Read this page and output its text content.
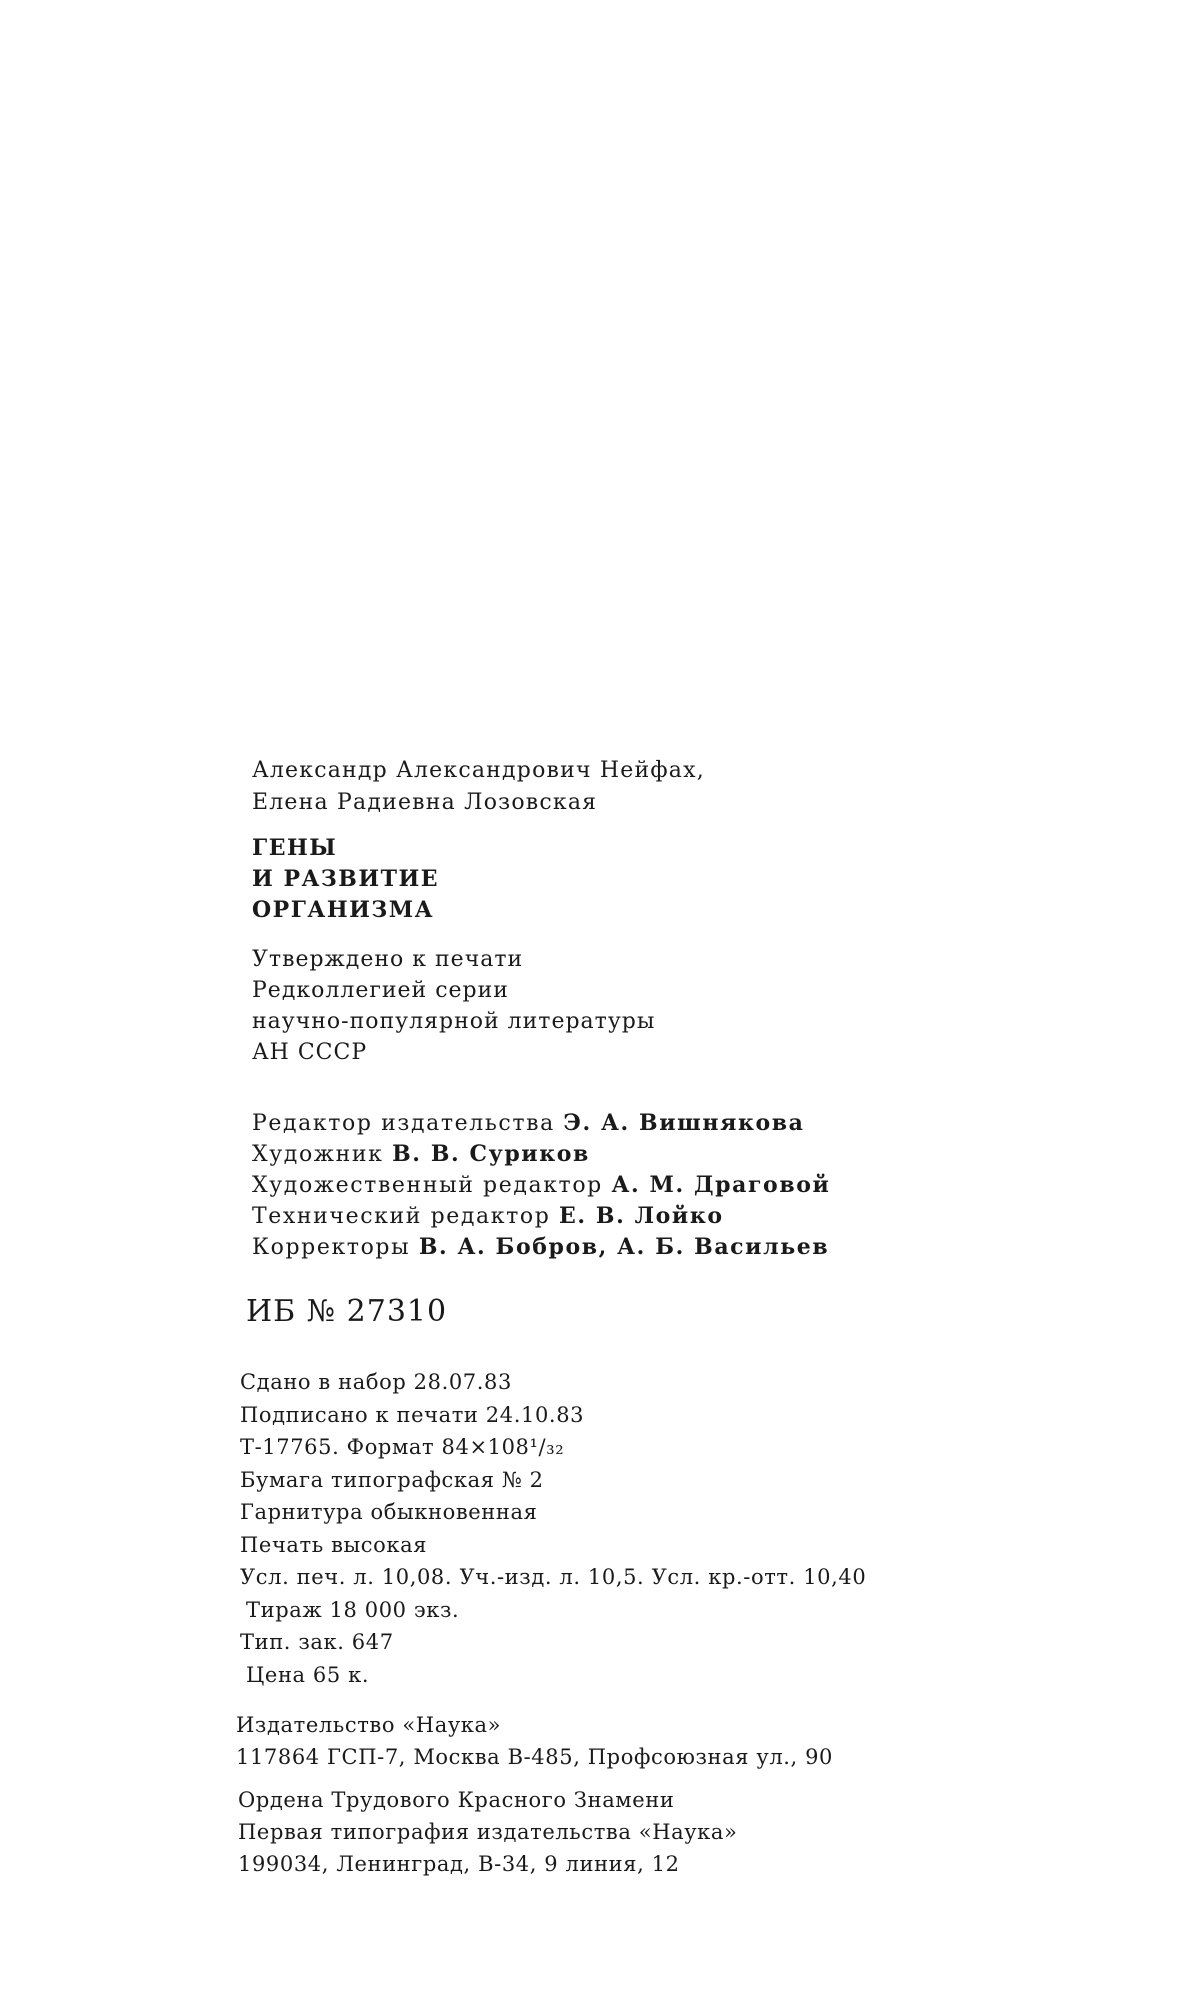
Александр Александрович Нейфах,
Елена Радиевна Лозовская
ГЕНЫ
И РАЗВИТИЕ
ОРГАНИЗМА
Утверждено к печати
Редколлегией серии
научно-популярной литературы
АН СССР
Редактор издательства Э. А. Вишнякова
Художник В. В. Суриков
Художественный редактор А. М. Драговой
Технический редактор Е. В. Лойко
Корректоры В. А. Бобров, А. Б. Васильев
ИБ № 27310
Сдано в набор 28.07.83
Подписано к печати 24.10.83
Т-17765. Формат 84×108¹/₃₂
Бумага типографская № 2
Гарнитура обыкновенная
Печать высокая
Усл. печ. л. 10,08. Уч.-изд. л. 10,5. Усл. кр.-отт. 10,40
Тираж 18 000 экз.
Тип. зак. 647
Цена 65 к.
Издательство «Наука»
117864 ГСП-7, Москва В-485, Профсоюзная ул., 90
Ордена Трудового Красного Знамени
Первая типография издательства «Наука»
199034, Ленинград, В-34, 9 линия, 12
